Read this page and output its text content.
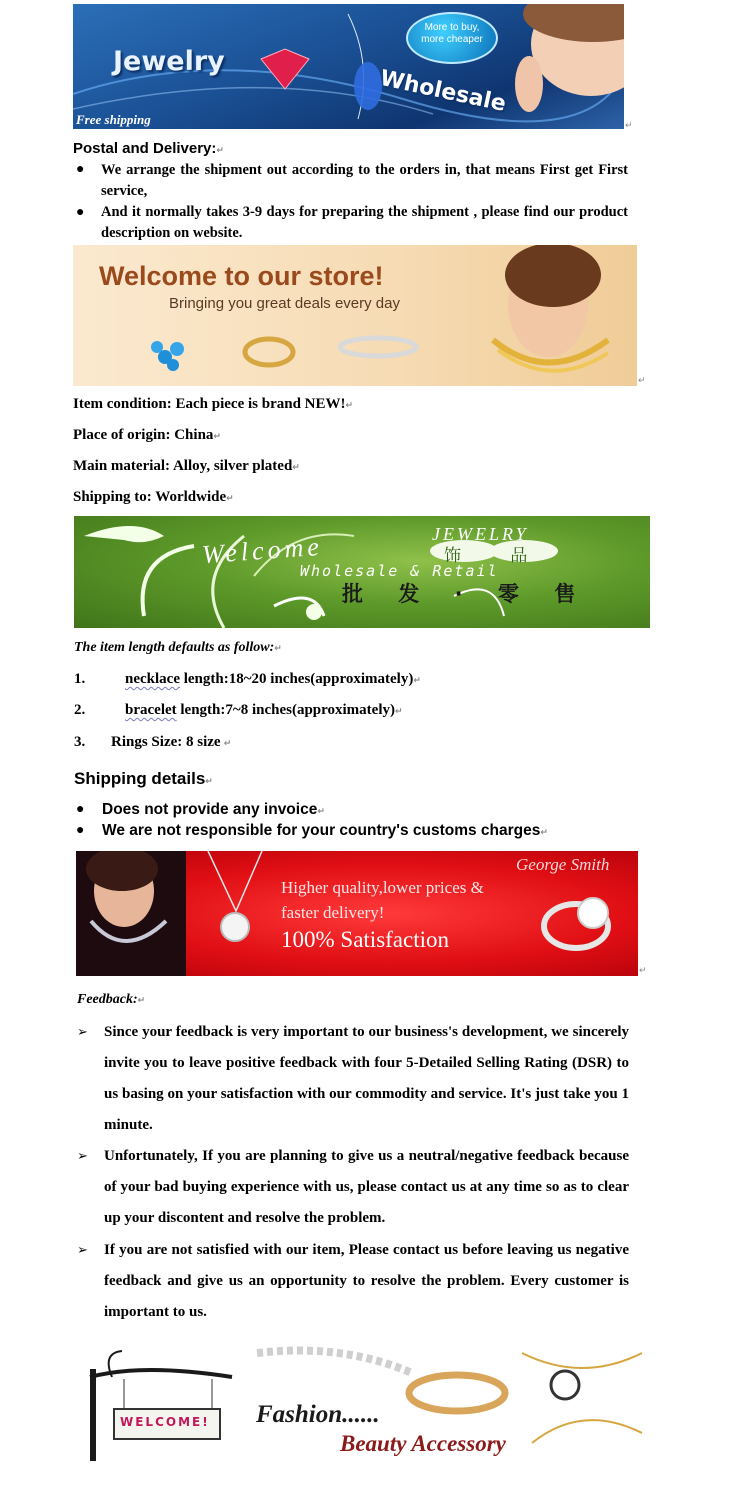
More to buy, more cheaper
Jewelry
Wholesale
Free shipping	↵
Postal and Delivery:↵
● We arrange the shipment out according to the orders in, that means First get First service,
● And it normally takes 3-9 days for preparing the shipment , please find our product description on website.
Welcome to our store!
Bringing you great deals every day
↵
Item condition: Each piece is brand NEW!↵
Place of origin: China↵
Main material: Alloy, silver plated↵
Shipping to: Worldwide↵
Welcome	JEWELRY
饰 品
Wholesale & Retail
批 发 · 零 售
The item length defaults as follow:↵
1.	necklace length:18~20 inches(approximately)↵
2.	bracelet length:7~8 inches(approximately)↵
3. Rings Size: 8 size ↵
Shipping details↵
● Does not provide any invoice↵
● We are not responsible for your country's customs charges↵
George Smith
Higher quality,lower prices &
faster delivery!
100% Satisfaction
↵
Feedback:↵
➢ Since your feedback is very important to our business's development, we sincerely invite you to leave positive feedback with four 5-Detailed Selling Rating (DSR) to us basing on your satisfaction with our commodity and service. It's just take you 1 minute.
➢ Unfortunately, If you are planning to give us a neutral/negative feedback because of your bad buying experience with us, please contact us at any time so as to clear up your discontent and resolve the problem.
➢ If you are not satisfied with our item, Please contact us before leaving us negative feedback and give us an opportunity to resolve the problem. Every customer is important to us.
WELCOME! Fashion......
Beauty Accessory
